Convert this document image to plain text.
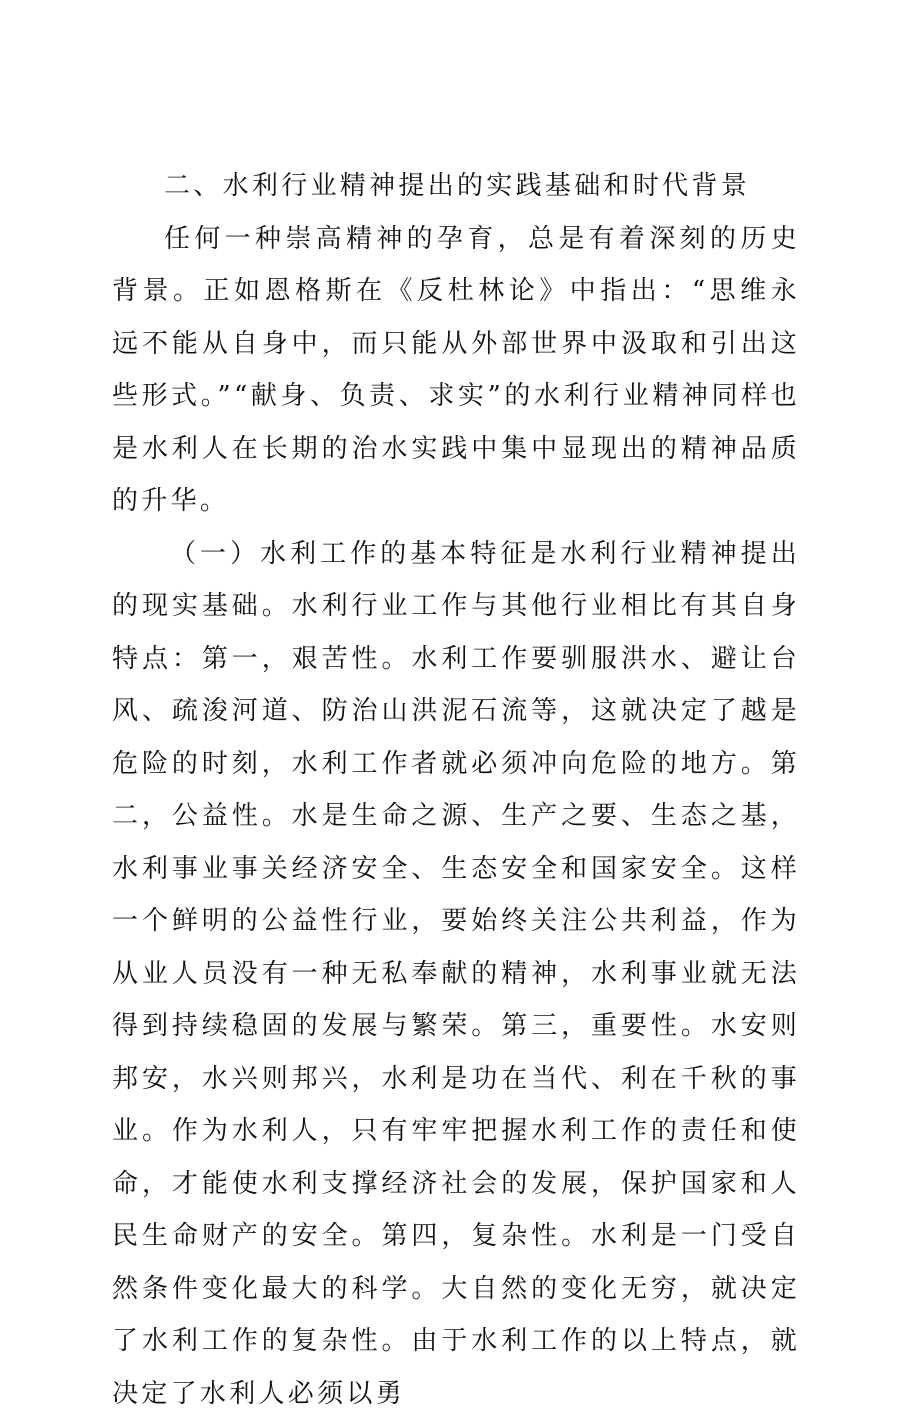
二、水利行业精神提出的实践基础和时代背景

任何一种崇高精神的孕育，总是有着深刻的历史背景。正如恩格斯在《反杜林论》中指出：“思维永远不能从自身中，而只能从外部世界中汲取和引出这些形式。”“献身、负责、求实”的水利行业精神同样也是水利人在长期的治水实践中集中显现出的精神品质的升华。

（一）水利工作的基本特征是水利行业精神提出的现实基础。水利行业工作与其他行业相比有其自身特点：第一，艰苦性。水利工作要驯服洪水、避让台风、疏浚河道、防治山洪泥石流等，这就决定了越是危险的时刻，水利工作者就必须冲向危险的地方。第二，公益性。水是生命之源、生产之要、生态之基，水利事业事关经济安全、生态安全和国家安全。这样一个鲜明的公益性行业，要始终关注公共利益，作为从业人员没有一种无私奉献的精神，水利事业就无法得到持续稳固的发展与繁荣。第三，重要性。水安则邦安，水兴则邦兴，水利是功在当代、利在千秋的事业。作为水利人，只有牢牢把握水利工作的责任和使命，才能使水利支撑经济社会的发展，保护国家和人民生命财产的安全。第四，复杂性。水利是一门受自然条件变化最大的科学。大自然的变化无穷，就决定了水利工作的复杂性。由于水利工作的以上特点，就决定了水利人必须以勇
